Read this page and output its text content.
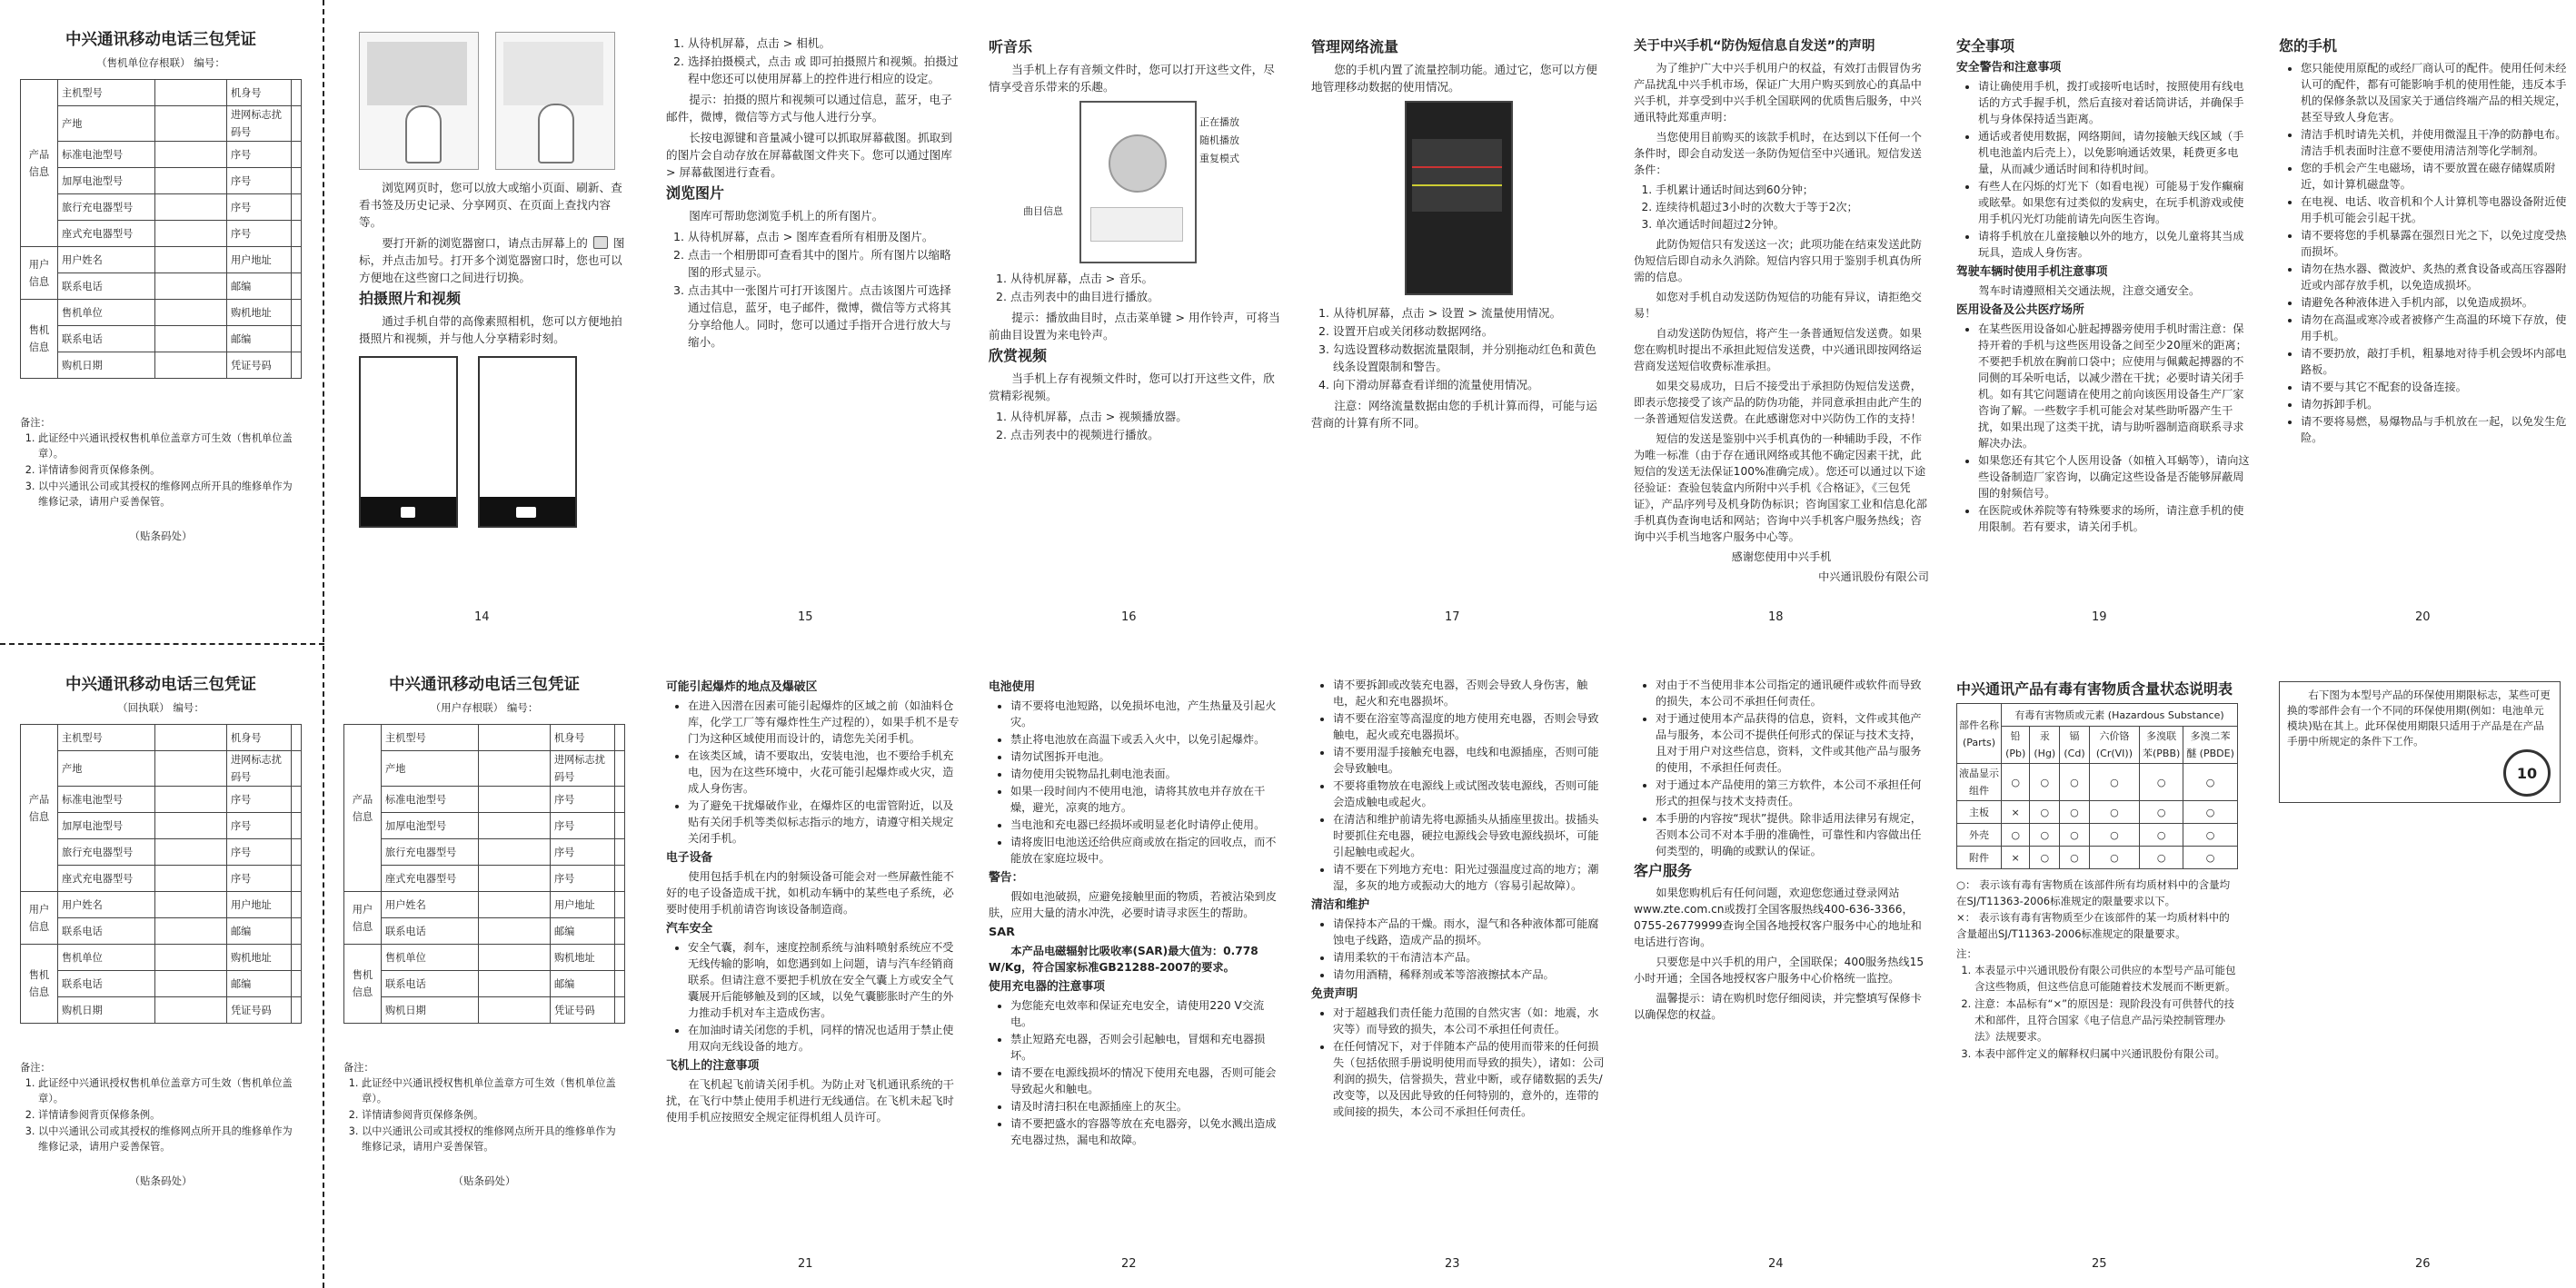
中兴通讯移动电话三包凭证
（售机单位存根联） 编号：
产品信息	主机型号		机身号	
	产地		进网标志扰码号	
	标准电池型号		序号	
	加厚电池型号		序号	
	旅行充电器型号		序号	
	座式充电器型号		序号	
用户信息	用户姓名		用户地址	
	联系电话		邮编	
售机信息	售机单位		购机地址	
	联系电话		邮编	
	购机日期		凭证号码	
备注：
1. 此证经中兴通讯授权售机单位盖章方可生效（售机单位盖章）。
2. 详情请参阅背页保修条例。
3. 以中兴通讯公司或其授权的维修网点所开具的维修单作为维修记录，请用户妥善保管。
（贴条码处）
中兴通讯移动电话三包凭证
（回执联） 编号：
产品信息	主机型号		机身号	
	产地		进网标志扰码号	
	标准电池型号		序号	
	加厚电池型号		序号	
	旅行充电器型号		序号	
	座式充电器型号		序号	
用户信息	用户姓名		用户地址	
	联系电话		邮编	
售机信息	售机单位		购机地址	
	联系电话		邮编	
	购机日期		凭证号码	
备注：
1. 此证经中兴通讯授权售机单位盖章方可生效（售机单位盖章）。
2. 详情请参阅背页保修条例。
3. 以中兴通讯公司或其授权的维修网点所开具的维修单作为维修记录，请用户妥善保管。
（贴条码处）
中兴通讯移动电话三包凭证
（用户存根联） 编号：
产品信息	主机型号		机身号	
	产地		进网标志扰码号	
	标准电池型号		序号	
	加厚电池型号		序号	
	旅行充电器型号		序号	
	座式充电器型号		序号	
用户信息	用户姓名		用户地址	
	联系电话		邮编	
售机信息	售机单位		购机地址	
	联系电话		邮编	
	购机日期		凭证号码	
备注：
1. 此证经中兴通讯授权售机单位盖章方可生效（售机单位盖章）。
2. 详情请参阅背页保修条例。
3. 以中兴通讯公司或其授权的维修网点所开具的维修单作为维修记录，请用户妥善保管。
（贴条码处）

浏览网页时，您可以放大或缩小页面、刷新、查看书签及历史记录、分享网页、在页面上查找内容等。

要打开新的浏览器窗口，请点击屏幕上的  图标，并点击加号。打开多个浏览器窗口时，您也可以方便地在这些窗口之间进行切换。

拍摄照片和视频

通过手机自带的高像素照相机，您可以方便地拍摄照片和视频，并与他人分享精彩时刻。

1. 从待机屏幕，点击 > 相机。
2. 选择拍摄模式，点击 或 即可拍摄照片和视频。拍摄过程中您还可以使用屏幕上的控件进行相应的设定。

提示：拍摄的照片和视频可以通过信息，蓝牙，电子邮件，微博，微信等方式与他人进行分享。

长按电源键和音量减小键可以抓取屏幕截图。抓取到的图片会自动存放在屏幕截图文件夹下。您可以通过图库 > 屏幕截图进行查看。

浏览图片

图库可帮助您浏览手机上的所有图片。

1. 从待机屏幕，点击 > 图库查看所有相册及图片。
2. 点击一个相册即可查看其中的图片。所有图片以缩略图的形式显示。
3. 点击其中一张图片可打开该图片。点击该图片可选择通过信息，蓝牙，电子邮件，微博，微信等方式将其分享给他人。同时，您可以通过手指开合进行放大与缩小。
听音乐

当手机上存有音频文件时，您可以打开这些文件，尽情享受音乐带来的乐趣。

正在播放
随机播放
重复模式
曲目信息
1. 从待机屏幕，点击 > 音乐。
2. 点击列表中的曲目进行播放。

提示：播放曲目时，点击菜单键 > 用作铃声，可将当前曲目设置为来电铃声。

欣赏视频

当手机上存有视频文件时，您可以打开这些文件，欣赏精彩视频。

1. 从待机屏幕，点击 > 视频播放器。
2. 点击列表中的视频进行播放。
管理网络流量

您的手机内置了流量控制功能。通过它，您可以方便地管理移动数据的使用情况。

1. 从待机屏幕，点击 > 设置 > 流量使用情况。
2. 设置开启或关闭移动数据网络。
3. 勾选设置移动数据流量限制，并分别拖动红色和黄色线条设置限制和警告。
4. 向下滑动屏幕查看详细的流量使用情况。

注意：网络流量数据由您的手机计算而得，可能与运营商的计算有所不同。

关于中兴手机“防伪短信息自发送”的声明

为了维护广大中兴手机用户的权益，有效打击假冒伪劣产品扰乱中兴手机市场，保证广大用户购买到放心的真品中兴手机，并享受到中兴手机全国联网的优质售后服务，中兴通讯特此郑重声明：

当您使用目前购买的该款手机时，在达到以下任何一个条件时，即会自动发送一条防伪短信至中兴通讯。短信发送条件：

1. 手机累计通话时间达到60分钟；
2. 连续待机超过3小时的次数大于等于2次；
3. 单次通话时间超过2分钟。

此防伪短信只有发送这一次；此项功能在结束发送此防伪短信后即自动永久消除。短信内容只用于鉴别手机真伪所需的信息。

如您对手机自动发送防伪短信的功能有异议，请拒绝交易！

自动发送防伪短信，将产生一条普通短信发送费。如果您在购机时提出不承担此短信发送费，中兴通讯即按网络运营商发送短信收费标准承担。

如果交易成功，日后不接受出于承担防伪短信发送费，即表示您接受了该产品的防伪功能，并同意承担由此产生的一条普通短信发送费。在此感谢您对中兴防伪工作的支持！

短信的发送是鉴别中兴手机真伪的一种辅助手段，不作为唯一标准（由于存在通讯网络或其他不确定因素干扰，此短信的发送无法保证100%准确完成）。您还可以通过以下途径验证：查验包装盒内所附中兴手机《合格证》，《三包凭证》，产品序列号及机身防伪标识；咨询国家工业和信息化部手机真伪查询电话和网站；咨询中兴手机客户服务热线；咨询中兴手机当地客户服务中心等。

感谢您使用中兴手机

中兴通讯股份有限公司

安全事项
安全警告和注意事项
• 请让确使用手机，拨打或接听电话时，按照使用有线电话的方式手握手机，然后直接对着话筒讲话，并确保手机与身体保持适当距离。
• 通话或者使用数据，网络期间，请勿接触天线区域（手机电池盖内后壳上），以免影响通话效果，耗费更多电量，从而减少通话时间和待机时间。
• 有些人在闪烁的灯光下（如看电视）可能易于发作癫痫或眩晕。如果您有过类似的发病史，在玩手机游戏或使用手机闪光灯功能前请先向医生咨询。
• 请将手机放在儿童接触以外的地方，以免儿童将其当成玩具，造成人身伤害。
驾驶车辆时使用手机注意事项

驾车时请遵照相关交通法规，注意交通安全。

医用设备及公共医疗场所
• 在某些医用设备如心脏起搏器旁使用手机时需注意：保持开着的手机与这些医用设备之间至少20厘米的距离；不要把手机放在胸前口袋中；应使用与佩戴起搏器的不同侧的耳朵听电话，以减少潜在干扰；必要时请关闭手机。如有其它问题请在使用之前向该医用设备生产厂家咨询了解。一些数字手机可能会对某些助听器产生干扰，如果出现了这类干扰，请与助听器制造商联系寻求解决办法。
• 如果您还有其它个人医用设备（如植入耳蜗等），请向这些设备制造厂家咨询，以确定这些设备是否能够屏蔽周围的射频信号。
• 在医院或休养院等有特殊要求的场所，请注意手机的使用限制。若有要求，请关闭手机。
您的手机
• 您只能使用原配的或经厂商认可的配件。使用任何未经认可的配件，都有可能影响手机的使用性能，违反本手机的保修条款以及国家关于通信终端产品的相关规定，甚至导致人身危害。
• 清洁手机时请先关机，并使用微湿且干净的防静电布。清洁手机表面时注意不要使用清洁剂等化学制剂。
• 您的手机会产生电磁场，请不要放置在磁存储媒质附近，如计算机磁盘等。
• 在电视、电话、收音机和个人计算机等电器设备附近使用手机可能会引起干扰。
• 请不要将您的手机暴露在强烈日光之下，以免过度受热而损坏。
• 请勿在热水器、微波炉、炙热的煮食设备或高压容器附近或内部存放手机，以免造成损坏。
• 请避免各种液体进入手机内部，以免造成损坏。
• 请勿在高温或寒冷或者被修产生高温的环境下存放，使用手机。
• 请不要扔放，敲打手机，粗暴地对待手机会毁坏内部电路板。
• 请不要与其它不配套的设备连接。
• 请勿拆卸手机。
• 请不要将易燃，易爆物品与手机放在一起，以免发生危险。
可能引起爆炸的地点及爆破区
• 在进入因潜在因素可能引起爆炸的区域之前（如油料仓库，化学工厂等有爆炸性生产过程的），如果手机不是专门为这种区域使用而设计的，请您先关闭手机。
• 在该类区域，请不要取出，安装电池，也不要给手机充电，因为在这些环境中，火花可能引起爆炸或火灾，造成人身伤害。
• 为了避免干扰爆破作业，在爆炸区的电雷管附近，以及贴有关闭手机等类似标志指示的地方，请遵守相关规定关闭手机。
电子设备

使用包括手机在内的射频设备可能会对一些屏蔽性能不好的电子设备造成干扰，如机动车辆中的某些电子系统，必要时使用手机前请咨询该设备制造商。

汽车安全
• 安全气囊，刹车，速度控制系统与油料喷射系统应不受无线传输的影响，如您遇到如上问题，请与汽车经销商联系。但请注意不要把手机放在安全气囊上方或安全气囊展开后能够触及到的区域，以免气囊膨胀时产生的外力推动手机对车主造成伤害。
• 在加油时请关闭您的手机，同样的情况也适用于禁止使用双向无线设备的地方。
飞机上的注意事项

在飞机起飞前请关闭手机。为防止对飞机通讯系统的干扰，在飞行中禁止使用手机进行无线通信。在飞机未起飞时使用手机应按照安全规定征得机组人员许可。

电池使用
• 请不要将电池短路，以免损坏电池，产生热量及引起火灾。
• 禁止将电池放在高温下或丢入火中，以免引起爆炸。
• 请勿试图拆开电池。
• 请勿使用尖锐物品扎刺电池表面。
• 如果一段时间内不使用电池，请将其放电并存放在干燥，避光，凉爽的地方。
• 当电池和充电器已经损坏或明显老化时请停止使用。
• 请将废旧电池送还给供应商或放在指定的回收点，而不能放在家庭垃圾中。
警告：

假如电池破损，应避免接触里面的物质，若被沾染到皮肤，应用大量的清水冲洗，必要时请寻求医生的帮助。

SAR

本产品电磁辐射比吸收率(SAR)最大值为：0.778 W/Kg，符合国家标准GB21288-2007的要求。

使用充电器的注意事项
• 为您能充电效率和保证充电安全，请使用220 V交流电。
• 禁止短路充电器，否则会引起触电，冒烟和充电器损坏。
• 请不要在电源线损坏的情况下使用充电器，否则可能会导致起火和触电。
• 请及时清扫积在电源插座上的灰尘。
• 请不要把盛水的容器等放在充电器旁，以免水溅出造成充电器过热，漏电和故障。
• 请不要拆卸或改装充电器，否则会导致人身伤害，触电，起火和充电器损坏。
• 请不要在浴室等高湿度的地方使用充电器，否则会导致触电，起火或充电器损坏。
• 请不要用湿手接触充电器，电线和电源插座，否则可能会导致触电。
• 不要将重物放在电源线上或试图改装电源线，否则可能会造成触电或起火。
• 在清洁和维护前请先将电源插头从插座里拔出。拔插头时要抓住充电器，硬拉电源线会导致电源线损坏，可能引起触电或起火。
• 请不要在下列地方充电：阳光过强温度过高的地方；潮湿，多灰的地方或振动大的地方（容易引起故障）。
清洁和维护
• 请保持本产品的干燥。雨水，湿气和各种液体都可能腐蚀电子线路，造成产品的损坏。
• 请用柔软的干布清洁本产品。
• 请勿用酒精，稀释剂或苯等溶液擦拭本产品。
免责声明
• 对于超越我们责任能力范围的自然灾害（如：地震，水灾等）而导致的损失，本公司不承担任何责任。
• 在任何情况下，对于伴随本产品的使用而带来的任何损失（包括依照手册说明使用而导致的损失），诸如：公司利润的损失，信誉损失，营业中断，或存储数据的丢失/改变等，以及因此导致的任何特别的，意外的，连带的或间接的损失，本公司不承担任何责任。
• 对由于不当使用非本公司指定的通讯硬件或软件而导致的损失，本公司不承担任何责任。
• 对于通过使用本产品获得的信息，资料，文件或其他产品与服务，本公司不提供任何形式的保证与技术支持，且对于用户对这些信息，资料，文件或其他产品与服务的使用，不承担任何责任。
• 对于通过本产品使用的第三方软件，本公司不承担任何形式的担保与技术支持责任。
• 本手册的内容按“现状”提供。除非适用法律另有规定，否则本公司不对本手册的准确性，可靠性和内容做出任何类型的，明确的或默认的保证。
客户服务

如果您购机后有任何问题，欢迎您您通过登录网站www.zte.com.cn或拨打全国客服热线400-636-3366，0755-26779999查询全国各地授权客户服务中心的地址和电话进行咨询。

只要您是中兴手机的用户，全国联保；400服务热线15小时开通；全国各地授权客户服务中心价格统一监控。

温馨提示：请在购机时您仔细阅读，并完整填写保修卡以确保您的权益。

中兴通讯产品有毒有害物质含量状态说明表
部件名称 (Parts)	有毒有害物质或元素 (Hazardous Substance)					
	铅 (Pb)	汞 (Hg)	镉 (Cd)	六价铬 (Cr(VI))	多溴联苯(PBB)	多溴二苯醚 (PBDE)
液晶显示组件	○	○	○	○	○	○
主板	×	○	○	○	○	○
外壳	○	○	○	○	○	○
附件	×	○	○	○	○	○
○： 表示该有毒有害物质在该部件所有均质材料中的含量均在SJ/T11363-2006标准规定的限量要求以下。
×： 表示该有毒有害物质至少在该部件的某一均质材料中的含量超出SJ/T11363-2006标准规定的限量要求。
注：
1. 本表显示中兴通讯股份有限公司供应的本型号产品可能包含这些物质，但这些信息可能随着技术发展而不断更新。
2. 注意：本品标有“×”的原因是：现阶段没有可供替代的技术和部件，且符合国家《电子信息产品污染控制管理办法》法规要求。
3. 本表中部件定义的解释权归属中兴通讯股份有限公司。

右下图为本型号产品的环保使用期限标志，某些可更换的零部件会有一个不同的环保使用期(例如：电池单元模块)贴在其上。此环保使用期限只适用于产品是在产品手册中所规定的条件下工作。

10
14	15	16	17	18	19	20
21	22	23	24	25	26
